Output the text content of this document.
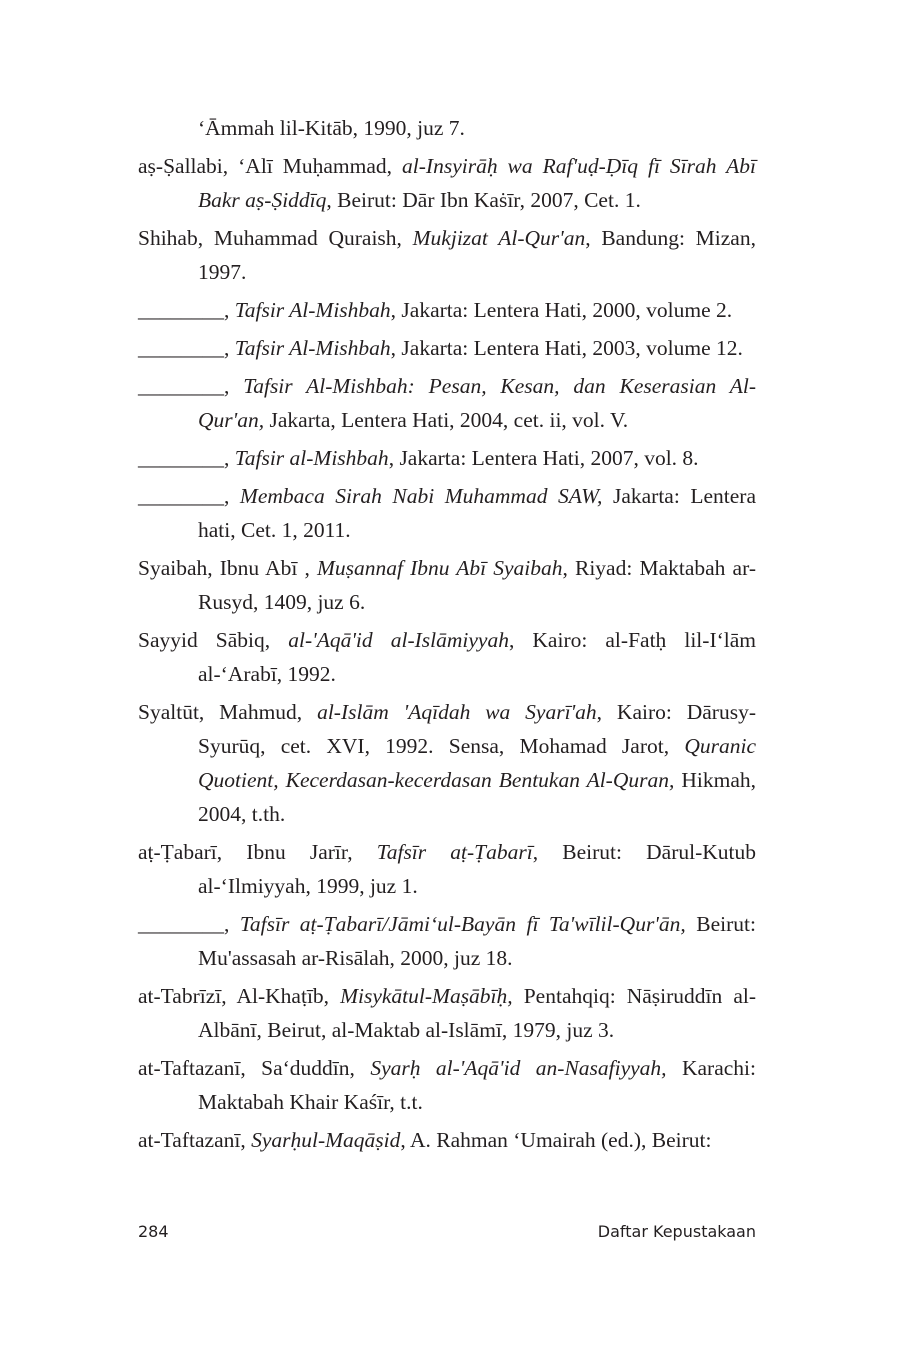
‘Āmmah lil-Kitāb, 1990, juz 7.

aṣ-Ṣallabi, ‘Alī Muḥammad, al-Insyirāḥ wa Raf'uḍ-Ḍīq fī Sīrah Abī Bakr aṣ-Ṣiddīq, Beirut: Dār Ibn Kaṡīr, 2007, Cet. 1.

Shihab, Muhammad Quraish, Mukjizat Al-Qur'an, Bandung: Mizan, 1997.

________, Tafsir Al-Mishbah, Jakarta: Lentera Hati, 2000, volume 2.

________, Tafsir Al-Mishbah, Jakarta: Lentera Hati, 2003, volume 12.

________, Tafsir Al-Mishbah: Pesan, Kesan, dan Keserasian Al-Qur'an, Jakarta, Lentera Hati, 2004, cet. ii, vol. V.

________, Tafsir al-Mishbah, Jakarta: Lentera Hati, 2007, vol. 8.

________, Membaca Sirah Nabi Muhammad SAW, Jakarta: Lentera hati, Cet. 1, 2011.

Syaibah, Ibnu Abī , Muṣannaf Ibnu Abī Syaibah, Riyad: Maktabah ar-Rusyd, 1409, juz 6.

Sayyid Sābiq, al-'Aqā'id al-Islāmiyyah, Kairo: al-Fatḥ lil-I‘lām al-‘Arabī, 1992.

Syaltūt, Mahmud, al-Islām 'Aqīdah wa Syarī'ah, Kairo: Dārusy-Syurūq, cet. XVI, 1992. Sensa, Mohamad Jarot, Quranic Quotient, Kecerdasan-kecerdasan Bentukan Al-Quran, Hikmah, 2004, t.th.

aṭ-Ṭabarī, Ibnu Jarīr, Tafsīr aṭ-Ṭabarī, Beirut: Dārul-Kutub al-‘Ilmiyyah, 1999, juz 1.

________, Tafsīr aṭ-Ṭabarī/Jāmi‘ul-Bayān fī Ta'wīlil-Qur'ān, Beirut: Mu'assasah ar-Risālah, 2000, juz 18.

at-Tabrīzī, Al-Khaṭīb, Misykātul-Maṣābīḥ, Pentahqiq: Nāṣiruddīn al-Albānī, Beirut, al-Maktab al-Islāmī, 1979, juz 3.

at-Taftazanī, Sa‘duddīn, Syarḥ al-'Aqā'id an-Nasafiyyah, Karachi: Maktabah Khair Kaśīr, t.t.

at-Taftazanī, Syarḥul-Maqāṣid, A. Rahman ‘Umairah (ed.), Beirut:

284	Daftar Kepustakaan
